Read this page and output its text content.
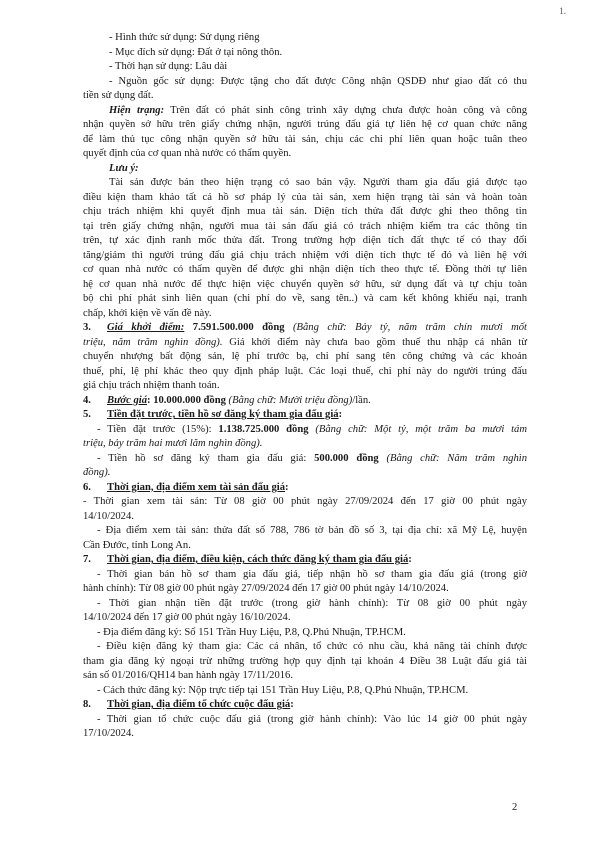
1.
- Hình thức sử dụng: Sử dụng riêng
- Mục đích sử dụng: Đất ở tại nông thôn.
- Thời hạn sử dụng: Lâu dài
- Nguồn gốc sử dụng: Được tặng cho đất được Công nhận QSDĐ như giao đất có thu
tiền sử dụng đất.
Hiện trạng: Trên đất có phát sinh công trình xây dựng chưa được hoàn công và công
nhận quyền sở hữu trên giấy chứng nhận, người trúng đấu giá tự liên hệ cơ quan chức năng
để làm thủ tục công nhận quyền sở hữu tài sản, chịu các chi phí liên quan hoặc tuân theo
quyết định của cơ quan nhà nước có thẩm quyền.
Lưu ý:
Tài sản được bán theo hiện trạng có sao bán vậy. Người tham gia đấu giá được tạo
điều kiện tham khảo tất cả hồ sơ pháp lý của tài sản, xem hiện trạng tài sản và hoàn toàn
chịu trách nhiệm khi quyết định mua tài sản. Diện tích thửa đất được ghi theo thông tin
tại trên giấy chứng nhận, người mua tài sản đấu giá có trách nhiệm kiểm tra các thông tin
trên, tự xác định ranh mốc thửa đất. Trong trường hợp diện tích đất thực tế có thay đổi
tăng/giảm thì người trúng đấu giá chịu trách nhiệm với diện tích thực tế đó và liên hệ với
cơ quan nhà nước có thẩm quyền để được ghi nhận diện tích theo thực tế. Đồng thời tự liên
hệ cơ quan nhà nước để thực hiện việc chuyển quyền sở hữu, sử dụng đất và tự chịu toàn
bộ chi phí phát sinh liên quan (chi phí do về, sang tên..) và cam kết không khiếu nại, tranh
chấp, khởi kiện về vấn đề này.
3. Giá khởi điểm: 7.591.500.000 đồng (Bằng chữ: Bảy tỷ, năm trăm chín mươi mốt
triệu, năm trăm nghìn đồng). Giá khởi điểm này chưa bao gồm thuế thu nhập cá nhân từ
chuyển nhượng bất động sản, lệ phí trước bạ, chi phí sang tên công chứng và các khoản
thuế, phí, lệ phí khác theo quy định pháp luật. Các loại thuế, chi phí này do người trúng đấu
giá chịu trách nhiệm thanh toán.
4. Bước giá: 10.000.000 đồng (Bằng chữ: Mười triệu đồng)/lần.
5. Tiền đặt trước, tiền hồ sơ đăng ký tham gia đấu giá:
- Tiền đặt trước (15%): 1.138.725.000 đồng (Bằng chữ: Một tỷ, một trăm ba mươi tám
triệu, bảy trăm hai mươi lăm nghìn đồng).
- Tiền hồ sơ đăng ký tham gia đấu giá: 500.000 đồng (Bằng chữ: Năm trăm nghìn
đồng).
6. Thời gian, địa điểm xem tài sản đấu giá:
- Thời gian xem tài sản: Từ 08 giờ 00 phút ngày 27/09/2024 đến 17 giờ 00 phút ngày
14/10/2024.
- Địa điểm xem tài sản: thửa đất số 788, 786 tờ bản đồ số 3, tại địa chỉ: xã Mỹ Lệ, huyện
Cần Đước, tỉnh Long An.
7. Thời gian, địa điểm, điều kiện, cách thức đăng ký tham gia đấu giá:
- Thời gian bán hồ sơ tham gia đấu giá, tiếp nhận hồ sơ tham gia đấu giá (trong giờ
hành chính): Từ 08 giờ 00 phút ngày 27/09/2024 đến 17 giờ 00 phút ngày 14/10/2024.
- Thời gian nhận tiền đặt trước (trong giờ hành chính): Từ 08 giờ 00 phút ngày
14/10/2024 đến 17 giờ 00 phút ngày 16/10/2024.
- Địa điểm đăng ký: Số 151 Trần Huy Liệu, P.8, Q.Phú Nhuận, TP.HCM.
- Điều kiện đăng ký tham gia: Các cá nhân, tổ chức có nhu cầu, khả năng tài chính được
tham gia đăng ký ngoại trừ những trường hợp quy định tại khoản 4 Điều 38 Luật đấu giá tài
sản số 01/2016/QH14 ban hành ngày 17/11/2016.
- Cách thức đăng ký: Nộp trực tiếp tại 151 Trần Huy Liệu, P.8, Q.Phú Nhuận, TP.HCM.
8. Thời gian, địa điểm tổ chức cuộc đấu giá:
- Thời gian tổ chức cuộc đấu giá (trong giờ hành chính): Vào lúc 14 giờ 00 phút ngày
17/10/2024.
2
